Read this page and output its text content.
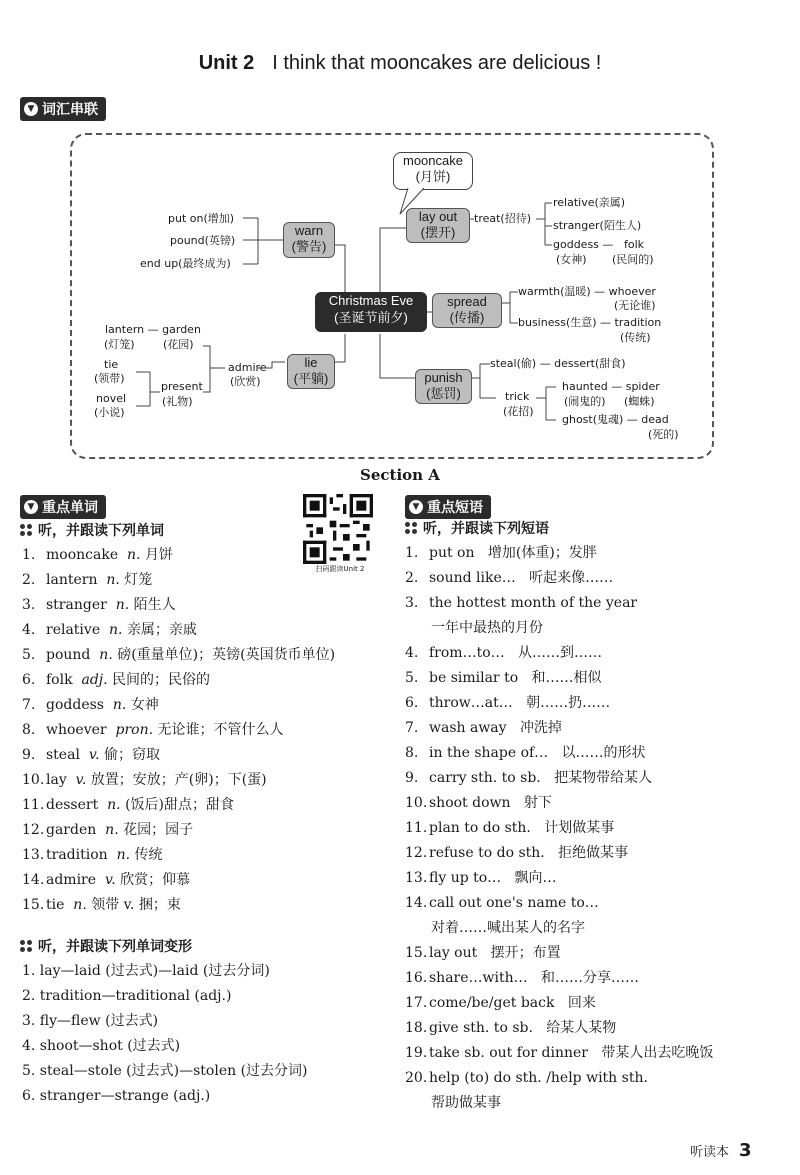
Unit 2 I think that mooncakes are delicious !
▼ 词汇串联
mooncake
(月饼)
Christmas Eve
(圣诞节前夕)
warn
(警告)
put on(增加)
pound(英镑)
end up(最终成为)
lay out
(摆开)
treat(招待)
relative(亲属)
stranger(陌生人)
goddess —
(女神)
folk
(民间的)
spread
(传播)
warmth(温暖) — whoever
(无论谁)
business(生意) — tradition
(传统)
lie
(平躺)
admire
(欣赏)
lantern — garden
(灯笼)	(花园)
tie
(领带)
novel
(小说)
present
(礼物)
punish
(惩罚)
steal(偷) — dessert(甜食)
trick
(花招)
haunted — spider
(闹鬼的) (蜘蛛)
ghost(鬼魂) — dead
(死的)
Section A
▼ 重点单词
听，并跟读下列单词
1. mooncake n. 月饼
2. lantern n. 灯笼
3. stranger n. 陌生人
4. relative n. 亲属；亲戚
5. pound n. 磅(重量单位)；英镑(英国货币单位)
6. folk adj. 民间的；民俗的
7. goddess n. 女神
8. whoever pron. 无论谁；不管什么人
9. steal v. 偷；窃取
10. lay v. 放置；安放；产(卵)；下(蛋)
11. dessert n. (饭后)甜点；甜食
12. garden n. 花园；园子
13. tradition n. 传统
14. admire v. 欣赏；仰慕
15. tie n. 领带 v. 捆；束
听，并跟读下列单词变形
1. lay—laid (过去式)—laid (过去分词)
2. tradition—traditional (adj.)
3. fly—flew (过去式)
4. shoot—shot (过去式)
5. steal—stole (过去式)—stolen (过去分词)
6. stranger—strange (adj.)
扫码跟读Unit 2
▼ 重点短语
听，并跟读下列短语
1. put on 增加(体重)；发胖
2. sound like… 听起来像……
3. the hottest month of the year
一年中最热的月份
4. from…to… 从……到……
5. be similar to 和……相似
6. throw…at… 朝……扔……
7. wash away 冲洗掉
8. in the shape of… 以……的形状
9. carry sth. to sb. 把某物带给某人
10. shoot down 射下
11. plan to do sth. 计划做某事
12. refuse to do sth. 拒绝做某事
13. fly up to… 飘向…
14. call out one's name to…
对着……喊出某人的名字
15. lay out 摆开；布置
16. share…with… 和……分享……
17. come/be/get back 回来
18. give sth. to sb. 给某人某物
19. take sb. out for dinner 带某人出去吃晚饭
20. help (to) do sth. /help with sth.
帮助做某事
听读本 3
